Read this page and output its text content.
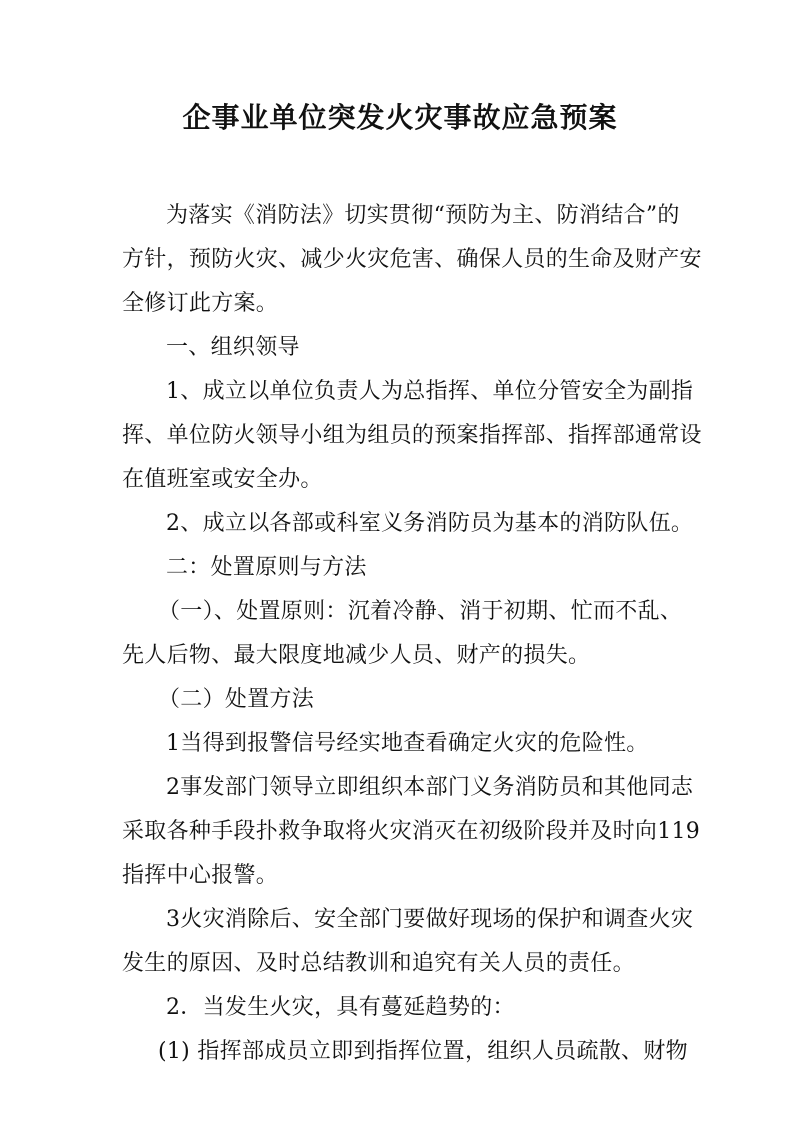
企事业单位突发火灾事故应急预案
为落实《消防法》切实贯彻“预防为主、防消结合”的
方针，预防火灾、减少火灾危害、确保人员的生命及财产安
全修订此方案。
一、组织领导
1、成立以单位负责人为总指挥、单位分管安全为副指
挥、单位防火领导小组为组员的预案指挥部、指挥部通常设
在值班室或安全办。
2、成立以各部或科室义务消防员为基本的消防队伍。
二：处置原则与方法
（一）、处置原则：沉着冷静、消于初期、忙而不乱、
先人后物、最大限度地减少人员、财产的损失。
（二）处置方法
1当得到报警信号经实地查看确定火灾的危险性。
2事发部门领导立即组织本部门义务消防员和其他同志
采取各种手段扑救争取将火灾消灭在初级阶段并及时向119
指挥中心报警。
3火灾消除后、安全部门要做好现场的保护和调查火灾
发生的原因、及时总结教训和追究有关人员的责任。
2．当发生火灾，具有蔓延趋势的：
(1) 指挥部成员立即到指挥位置，组织人员疏散、财物
